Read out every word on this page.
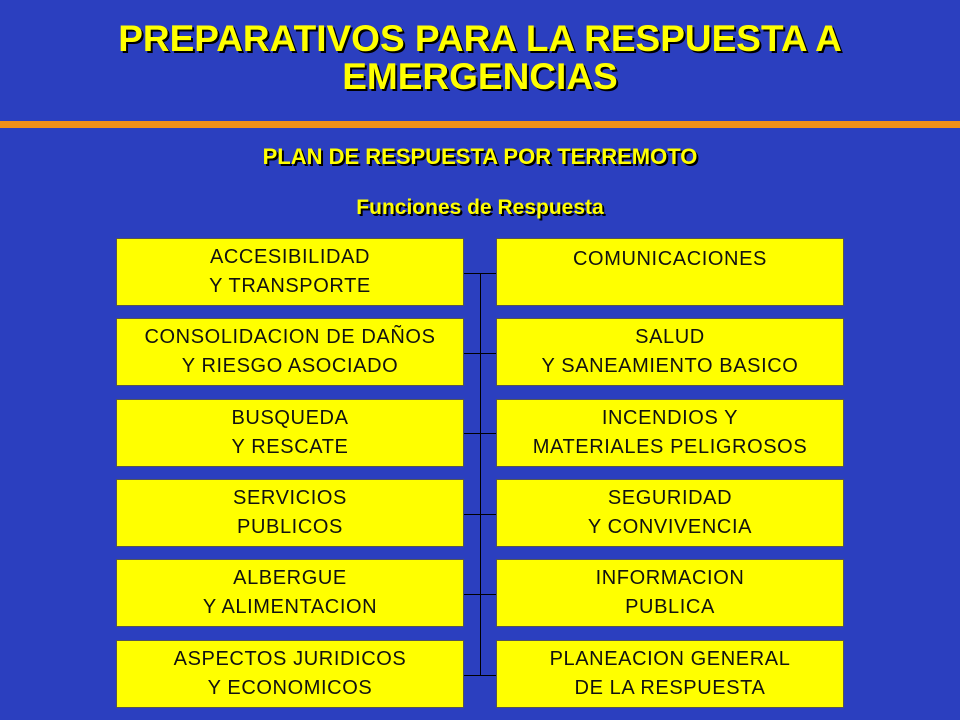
PREPARATIVOS PARA LA RESPUESTA A
EMERGENCIAS
PLAN DE RESPUESTA POR TERREMOTO
Funciones de Respuesta
ACCESIBILIDAD
Y TRANSPORTE
CONSOLIDACION DE DAÑOS
Y RIESGO ASOCIADO
BUSQUEDA
Y RESCATE
SERVICIOS
PUBLICOS
ALBERGUE
Y ALIMENTACION
ASPECTOS JURIDICOS
Y ECONOMICOS
COMUNICACIONES
SALUD
Y SANEAMIENTO BASICO
INCENDIOS Y
MATERIALES PELIGROSOS
SEGURIDAD
Y CONVIVENCIA
INFORMACION
PUBLICA
PLANEACION GENERAL
DE LA RESPUESTA
